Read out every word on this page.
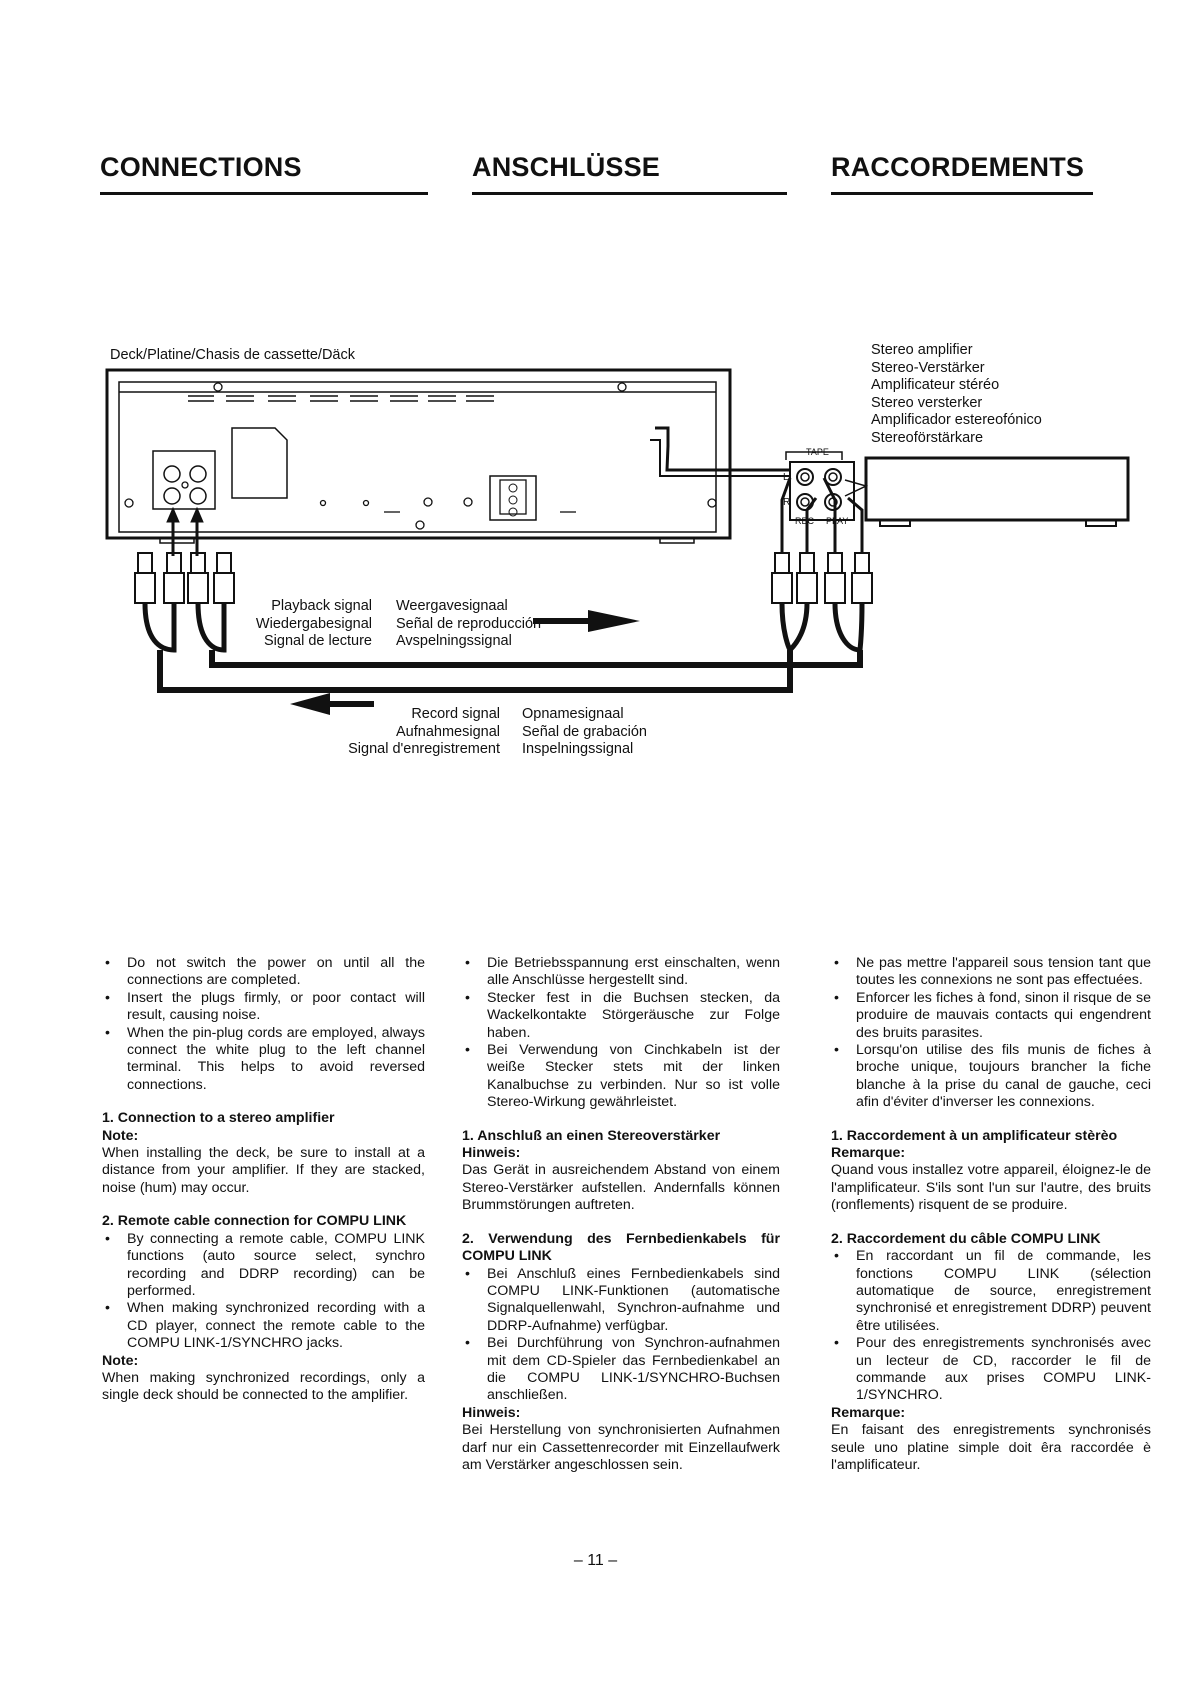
CONNECTIONS	ANSCHLÜSSE	RACCORDEMENTS
TAPE
L
R
REC PLAY
Deck/Platine/Chasis de cassette/Däck	Stereo amplifier
Stereo-Verstärker
Amplificateur stéréo
Stereo versterker
Amplificador estereofónico
Stereoförstärkare
Playback signal
Wiedergabesignal
Signal de lecture
Weergavesignaal
Señal de reproducción
Avspelningssignal
Record signal
Aufnahmesignal
Signal d'enregistrement
Opnamesignaal
Señal de grabación
Inspelningssignal
• Do not switch the power on until all the connections are completed.
• Insert the plugs firmly, or poor contact will result, causing noise.
• When the pin-plug cords are employed, always connect the white plug to the left channel terminal. This helps to avoid reversed connections.
1. Connection to a stereo amplifier
Note:
When installing the deck, be sure to install at a distance from your amplifier. If they are stacked, noise (hum) may occur.
2. Remote cable connection for COMPU LINK
• By connecting a remote cable, COMPU LINK functions (auto source select, synchro recording and DDRP recording) can be performed.
• When making synchronized recording with a CD player, connect the remote cable to the COMPU LINK-1/SYNCHRO jacks.
Note:
When making synchronized recordings, only a single deck should be connected to the amplifier.
• Die Betriebsspannung erst einschalten, wenn alle Anschlüsse hergestellt sind.
• Stecker fest in die Buchsen stecken, da Wackelkontakte Störgeräusche zur Folge haben.
• Bei Verwendung von Cinchkabeln ist der weiße Stecker stets mit der linken Kanalbuchse zu verbinden. Nur so ist volle Stereo-Wirkung gewährleistet.
1. Anschluß an einen Stereoverstärker
Hinweis:
Das Gerät in ausreichendem Abstand von einem Stereo-Verstärker aufstellen. Andernfalls können Brummstörungen auftreten.
2. Verwendung des Fernbedienkabels für COMPU LINK
• Bei Anschluß eines Fernbedienkabels sind COMPU LINK-Funktionen (automatische Signalquellenwahl, Synchron-aufnahme und DDRP-Aufnahme) verfügbar.
• Bei Durchführung von Synchron-aufnahmen mit dem CD-Spieler das Fernbedienkabel an die COMPU LINK-1/SYNCHRO-Buchsen anschließen.
Hinweis:
Bei Herstellung von synchronisierten Aufnahmen darf nur ein Cassettenrecorder mit Einzellaufwerk am Verstärker angeschlossen sein.
• Ne pas mettre l'appareil sous tension tant que toutes les connexions ne sont pas effectuées.
• Enforcer les fiches à fond, sinon il risque de se produire de mauvais contacts qui engendrent des bruits parasites.
• Lorsqu'on utilise des fils munis de fiches à broche unique, toujours brancher la fiche blanche à la prise du canal de gauche, ceci afin d'éviter d'inverser les connexions.
1. Raccordement à un amplificateur stèrèo
Remarque:
Quand vous installez votre appareil, éloignez-le de l'amplificateur. S'ils sont l'un sur l'autre, des bruits (ronflements) risquent de se produire.
2. Raccordement du câble COMPU LINK
• En raccordant un fil de commande, les fonctions COMPU LINK (sélection automatique de source, enregistrement synchronisé et enregistrement DDRP) peuvent être utilisées.
• Pour des enregistrements synchronisés avec un lecteur de CD, raccorder le fil de commande aux prises COMPU LINK-1/SYNCHRO.
Remarque:
En faisant des enregistrements synchronisés seule uno platine simple doit êra raccordée è l'amplificateur.
– 11 –
